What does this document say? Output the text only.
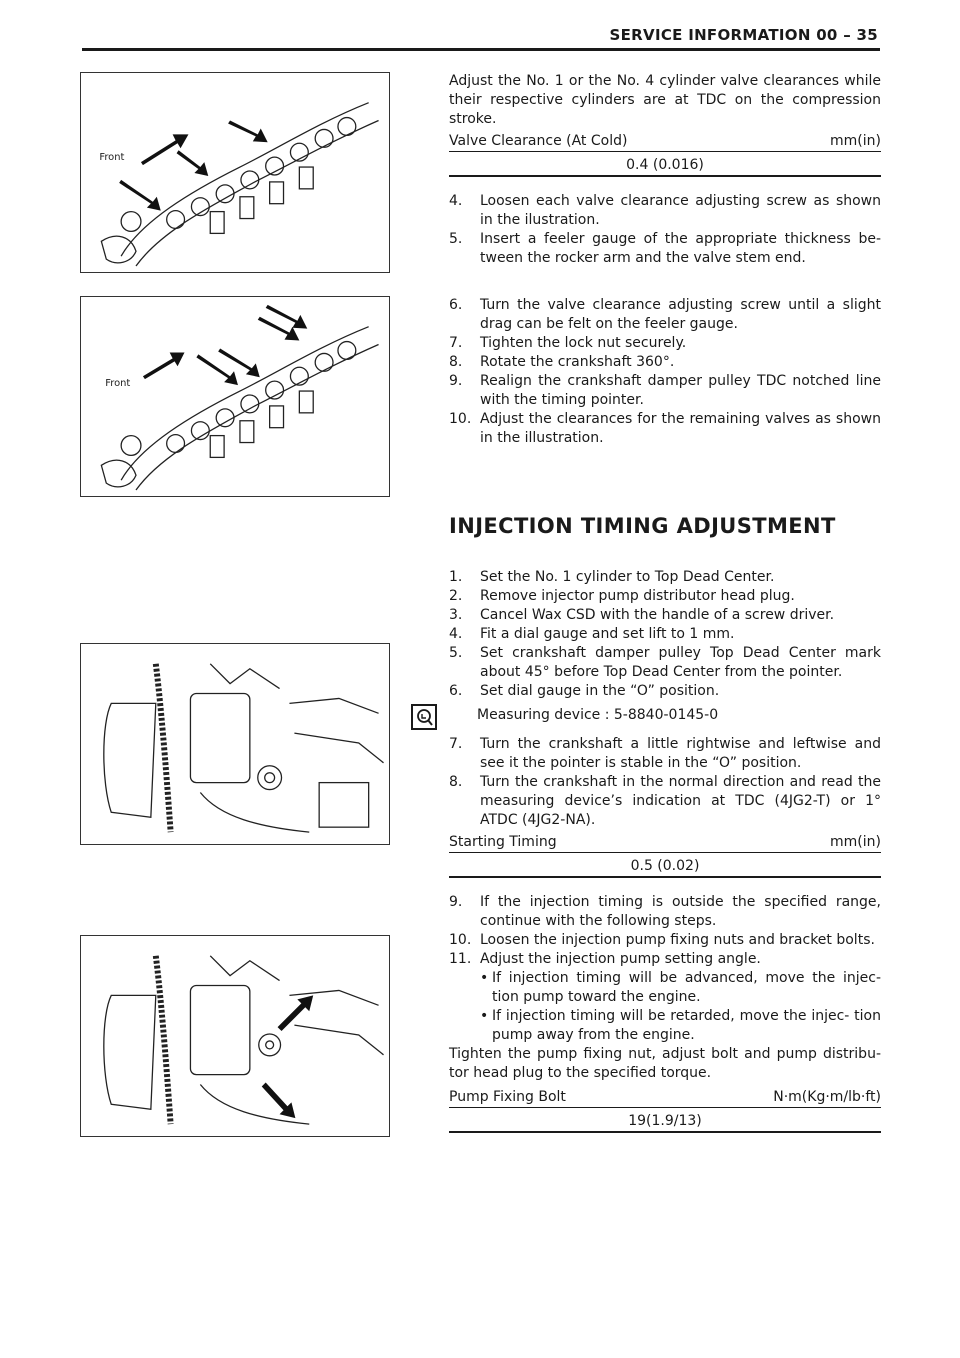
SERVICE INFORMATION 00 – 35
Front
Front

Adjust the No. 1 or the No. 4 cylinder valve clearances while their respective cylinders are at TDC on the compression stroke.

Valve Clearance (At Cold)	mm(in)
0.4 (0.016)
4. Loosen each valve clearance adjusting screw as shown in the ilustration.
5. Insert a feeler gauge of the appropriate thickness be- tween the rocker arm and the valve stem end.
6. Turn the valve clearance adjusting screw until a slight drag can be felt on the feeler gauge.
7. Tighten the lock nut securely.
8. Rotate the crankshaft 360°.
9. Realign the crankshaft damper pulley TDC notched line with the timing pointer.
10. Adjust the clearances for the remaining valves as shown in the illustration.
INJECTION TIMING ADJUSTMENT
1. Set the No. 1 cylinder to Top Dead Center.
2. Remove injector pump distributor head plug.
3. Cancel Wax CSD with the handle of a screw driver.
4. Fit a dial gauge and set lift to 1 mm.
5. Set crankshaft damper pulley Top Dead Center mark about 45° before Top Dead Center from the pointer.
6. Set dial gauge in the “O” position.
Measuring device : 5-8840-0145-0
7. Turn the crankshaft a little rightwise and leftwise and see it the pointer is stable in the “O” position.
8. Turn the crankshaft in the normal direction and read the measuring device’s indication at TDC (4JG2-T) or 1° ATDC (4JG2-NA).
Starting Timing	mm(in)
0.5 (0.02)
9. If the injection timing is outside the specified range, continue with the following steps.
10. Loosen the injection pump fixing nuts and bracket bolts.
11. Adjust the injection pump setting angle.
• If injection timing will be advanced, move the injec- tion pump toward the engine.
• If injection timing will be retarded, move the injec- tion pump away from the engine.

Tighten the pump fixing nut, adjust bolt and pump distribu- tor head plug to the specified torque.

Pump Fixing Bolt	N·m(Kg·m/lb·ft)
19(1.9/13)
